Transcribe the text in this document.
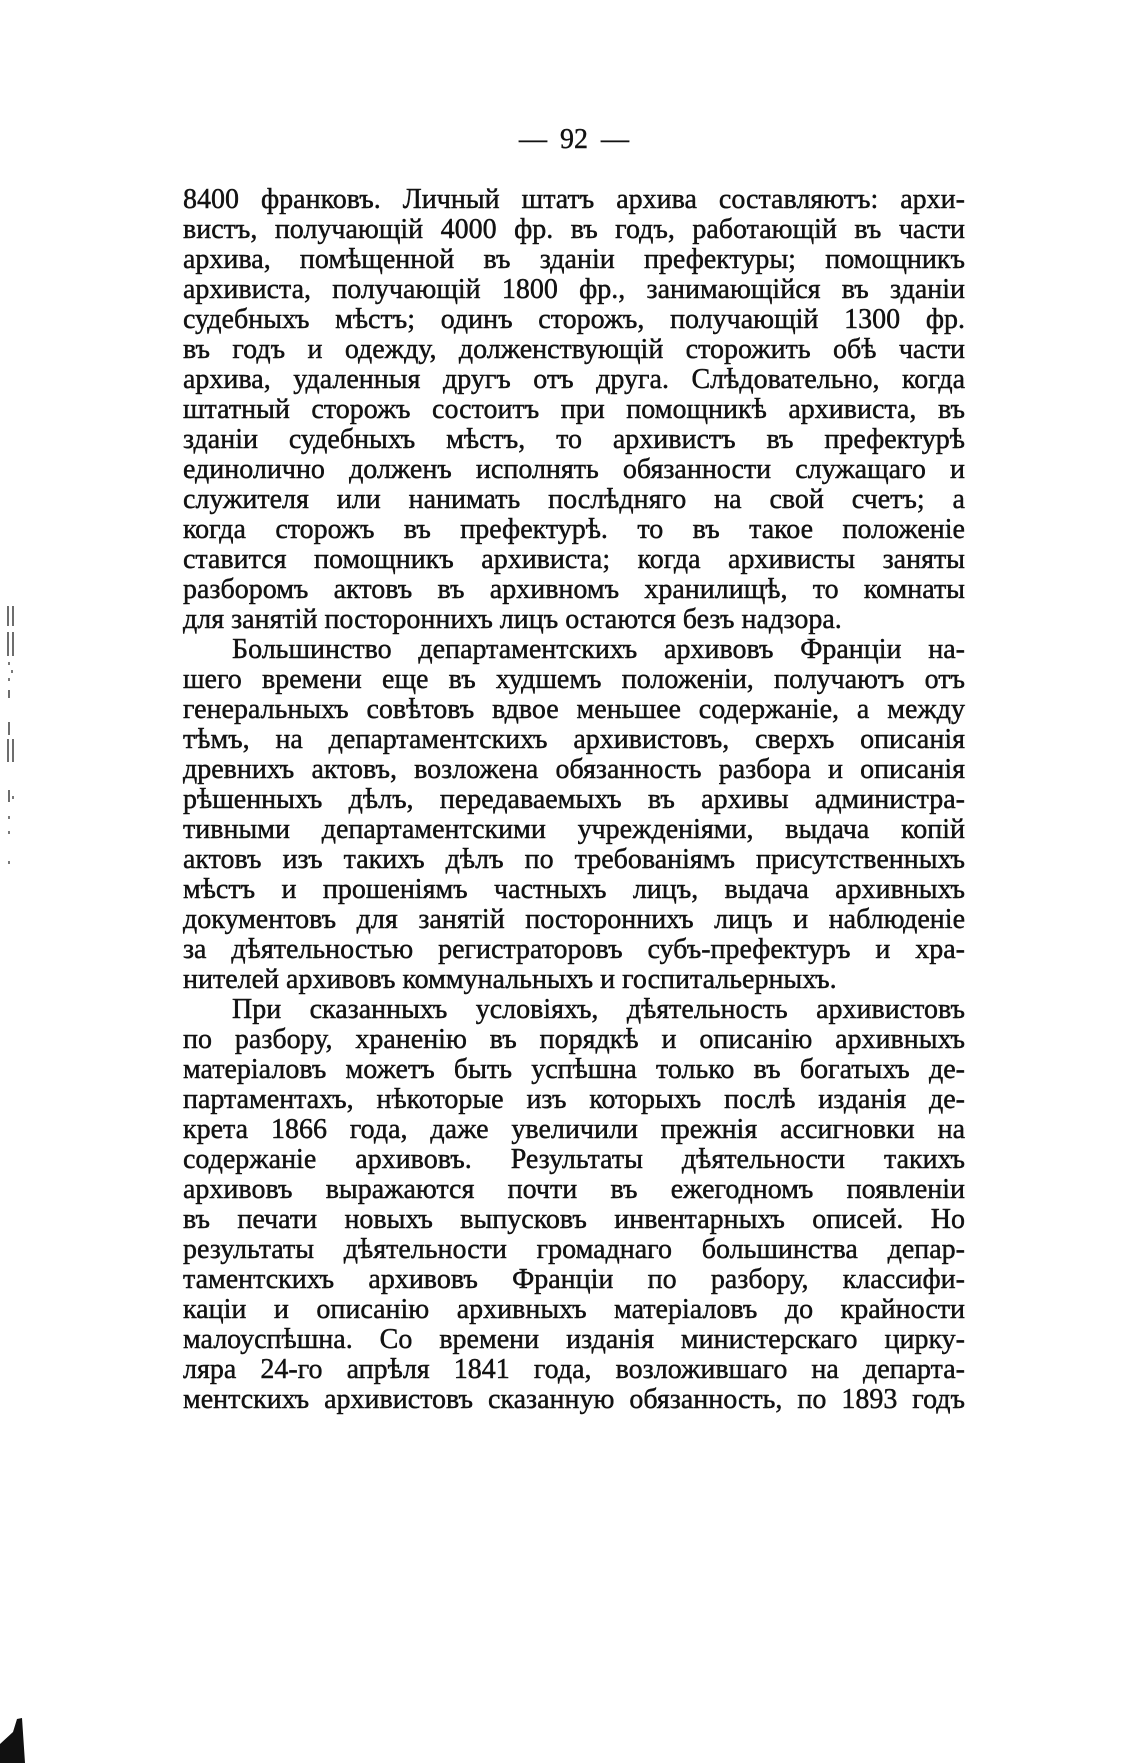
— 92 —
8400 франковъ. Личный штатъ архива составляютъ: архи-
вистъ, получающій 4000 фр. въ годъ, работающій въ части
архива, помѣщенной въ зданіи префектуры; помощникъ
архивиста, получающій 1800 фр., занимающійся въ зданіи
судебныхъ мѣстъ; одинъ сторожъ, получающій 1300 фр.
въ годъ и одежду, долженствующій сторожить обѣ части
архива, удаленныя другъ отъ друга. Слѣдовательно, когда
штатный сторожъ состоитъ при помощникѣ архивиста, въ
зданіи судебныхъ мѣстъ, то архивистъ въ префектурѣ
единолично долженъ исполнять обязанности служащаго и
служителя или нанимать послѣдняго на свой счетъ; а
когда сторожъ въ префектурѣ. то въ такое положеніе
ставится помощникъ архивиста; когда архивисты заняты
разборомъ актовъ въ архивномъ хранилищѣ, то комнаты
для занятій постороннихъ лицъ остаются безъ надзора.
Большинство департаментскихъ архивовъ Франціи на-
шего времени еще въ худшемъ положеніи, получаютъ отъ
генеральныхъ совѣтовъ вдвое меньшее содержаніе, а между
тѣмъ, на департаментскихъ архивистовъ, сверхъ описанія
древнихъ актовъ, возложена обязанность разбора и описанія
рѣшенныхъ дѣлъ, передаваемыхъ въ архивы администра-
тивными департаментскими учрежденіями, выдача копій
актовъ изъ такихъ дѣлъ по требованіямъ присутственныхъ
мѣстъ и прошеніямъ частныхъ лицъ, выдача архивныхъ
документовъ для занятій постороннихъ лицъ и наблюденіе
за дѣятельностью регистраторовъ субъ-префектуръ и хра-
нителей архивовъ коммунальныхъ и госпитальерныхъ.
При сказанныхъ условіяхъ, дѣятельность архивистовъ
по разбору, храненію въ порядкѣ и описанію архивныхъ
матеріаловъ можетъ быть успѣшна только въ богатыхъ де-
партаментахъ, нѣкоторые изъ которыхъ послѣ изданія де-
крета 1866 года, даже увеличили прежнія ассигновки на
содержаніе архивовъ. Результаты дѣятельности такихъ
архивовъ выражаются почти въ ежегодномъ появленіи
въ печати новыхъ выпусковъ инвентарныхъ описей. Но
результаты дѣятельности громаднаго большинства депар-
таментскихъ архивовъ Франціи по разбору, классифи-
каціи и описанію архивныхъ матеріаловъ до крайности
малоуспѣшна. Со времени изданія министерскаго цирку-
ляра 24-го апрѣля 1841 года, возложившаго на департа-
ментскихъ архивистовъ сказанную обязанность, по 1893 годъ
